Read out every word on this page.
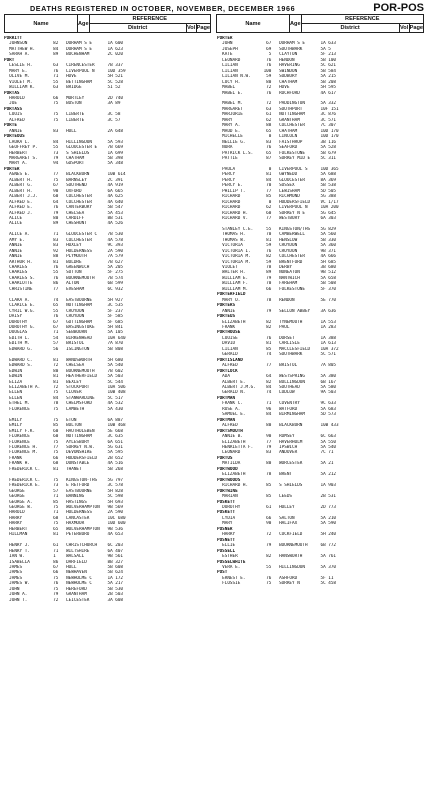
DEATHS REGISTERED IN OCTOBER, NOVEMBER, DECEMBER 1966	POR-POS
Name	Age	REFERENCE		
		District	Vol	Page
Name	Age	REFERENCE		
		District	Vol	Page
PORRITT
JOHNSON          82   DURHAM S E      1A 600
MATTHEW H.       84   DURHAM S E      1A 623
SARAH A.         89   BUCHENHAM       2C 020
PORT
LESLIE H.        63   CIRENCESTER     7B 337
MARY E.          76   LIVERPOOL N     10D 359
OLIVE M.         71   HOVE            5H 521
VIOLET M.        55   BETTINGHAM      5C 528
WILLIAM K.       63   BRIDGE          5I 52
PORTAS
HAROLD           66   MORTLEY         2D 740
JOE              75   BOSTON          3A 89
PORTASS
LOUIS            75   LIBERTE         3C 58
ALFRED           75   LIBERTE         3C 57
PORTE
ANNIE            83   HULL            2A 648
PORTEOUS
LAURA L.         84   HILLINGDON      5A 593
GEOFFREY P.      55   GLOUCESTER E    7B 669
HERBERT          73   S SHIELDS       1A 699
MARGARET S.      79   CHATHAM         5B 398
MARY A.          94   GOSPORT         5A 348
PORTER
AGNES E.         77   BLACKBURN       10B 614
ALBERT H.        75   BARNSLEY        2C 391
ALBERT G.        67   SOUTHEND        4A 919
ALBERT H.        90   OXFORD          6A 665
ALBERT J.J.      60   COLCHESTER      4A 625
ALFRED E.        64   COLCHESTER      4A 640
ALFRED E.        76   CANTERBURY      5B 547
ALFRED J.        79   CHELSEA         5A 453
ALICE            80   CARDIFF         8B 531
ALICE            89   CHESHUNT        4A 526
ALICE A.         71   GLOUCESTER C    7B 530
AMY E.           83   COLCHESTER      4A 578
ANNIE            83   HOXLEY          9C 393
ANNIE            92   HOLDERNESS      2A 590
ANNIE            88   PLYMOUTH        7A 579
ARTHUR H.        81   BOLDRE          7B 627
CHARLES          76   GREENWICH       5A 205
CHARLES          55   SUTTON          5F 275
CHARLES S.       76   BOURNEMOUTH     7B 574
CHARLOTTE        86   ALTON           6B 599
CHRISTINE        77   EVESHAM         6C 932
CLARA A.         74   EASTBOURNE      5H 927
CLARICE E.       65   NOTTINGHAM      3C 535
CYRIL W.G.       55   CROYDON         5F 237
DAISY            76   CROYDON         5F 585
DOROTHY          67   GOTTINGHAM      5F 685
DOROTHY G.       67   BASINGSTOKE     5H 841
DOUGLAS          71   SEBBOURN        5A 105
EDITH L.         54   BIRKENHEAD      10A 640
EDITH M.         57   BRISTOL         7A 870
EDWARD G.        56   ISLINGTON       5B 808
EDWARD C.        81   WANDSWORTH      5H 680
EDWARD S.        72   CHELSEA         5A 540
EDWIN            80   BOURNEMOUTH     7B 602
EDWIN            81   HEATHERFIELD    5A 503
ELIZA            81   BEXLEY          5C 544
ELIZABETH A.     72   STOCKPORT       10A 506
ELLEN            75   CLOVER          10B 408
ELLEN            84   STANWARDINE     5C 517
ETHEL M.         78   CHELMSFORD      4A 532
FLORENCE         75   LAMBETH         5A 430
EMILY            75   ETON            6A 887
EMILY            85   BOLTON          10B 468
EMILY F.K.       60   HAUTHOLEBEN     5E 668
FLORENCE         60   NOTTINGHAM      3C 635
FLORENCE         75   AYLESBURY       6A 651
FLORENCE H.      77   SURREY N.W.     5G 631
FLORENCE M.      75   DEVONSHIRE      5A 595
FRANK            66   HUDDERSFIELD    2B 652
FRANK H.         68   DUNSTABLE       4A 516
FREDERICK C.     81   THANET          5B 268
FREDERICK C.     75   KINGSTON-THS    5G 797
FREDERICK E.     73   E RETFORD       3C 578
GEORGE           57   EASTBOURNE      5H 828
GEORGE           71   BANNING         5C 598
GEORGE A.        85   HASTINGS        5H 693
GEORGE W.        75   WOLVERHAMPTON   9B 569
HAROLD           71   HOLDERNESS      2A 590
HARRY            68   LANCASTER       10C 680
HARRY            75   HAXMOOR         10D 600
HERBERT          65   WOLVERHAMPTON   9B 536
HILLMAN          81   PETERBORO       4A 653
HENRY J.         61   CHRISTCHURCH    6C 203
HENRY T.         71   WILTSHIRE       6A 407
IAN W.           1    WALSALL         9B 561
ISABELLA         86   DARFIELD        8B 327
JAMES            67   HULL            5B 608
JAMES            66   NEWHAVEN        5B 624
JAMES            75   NEWHOLME C      1A 172
JAMES W.         76   NEWHOLME C      5A 217
JOHN             75   HEREFORD        5B 530
JOHN A.          79   GRANTHAM        2B 503
JOHN T.          72   LEICESTER       3A 608
PORTER
JOHN             67   DURHAM S E      1A 633
JOSEPH           69   SOUTHWARK       5A 5
KATE              5   CLAYTON         5F 213
LEONARD          76   HENDON          5B 100
LILIAN           76   HAVERING        5C 621
LILIAN          100   SWINDON         5B 584
LILIAN N.W.      59   SUDBURY         5A 215
LUCY H.          80   CHATHAM         5B 208
MABEL            72   HOVE            5H 595
MABEL E.         76   ROCHFORD        4A 617
MABEL M.         72   PADDINGTON      5A 332
MARGARET         63   SOUTHPORT       10F 151
MARJORIE         61   NOTTINGHAM      3C 876
MARY             62   GRANTHAM        3C 571
MARY A.          88   COLCHESTER      7C 307
MAUD E.          65   CHATHAM         10D 170
MICHELLE          0   LINCOLN         10D 170
NELLIE G.        83   FAISTHROP       3B 116
NORA             76   SEAFORD         5A 528
PATRICK L.S.     65   FOLKESTONE      5B 679
PATTIE           87   SURREY MID E    5C 311
PAULA             0   LIVERPOOL S     10D 365
PERCY            81   GWYNEDD         5A 688
PERCY            84   GLOUCESTER      8A 369
PERCY E.         70   SUSSEX          5B 538
PHILIP T.        77   LEWISHAM        5D 505
RICHARD          85   RICHMOND        5G 388
RICHARD           0   HUDDERSFIELD    VC 1/17
RICHARD          62   LIVERPOOL N     10A 200
RICHARD H.       60   SURREY N E      5G 645
RICHARD V.       77   WESTBURY        6A 303
STANLEY C.E.     55   KINGSTON/THS    5G 829
THOMAS H.        70   CAMBERWELL      5A 560
THOMAS W.        81   HENSLOW         5B 330
VICTORIA         59   CROYDON         5A 360
VICTORIA I.      76   CROYDON         9B 371
VICTORIA M.      82   COLCHESTER      4A 666
VICTORIA M.      59   BRENTFORD       5H 685
VIOLET           78   DERBY           3B 680
WALTER H.        89   NUNEATON        9B 512
WILLIAM E.       79   NANTWICH        5A 658
WILLIAM F.       70   FAREHAM         5B 508
WILLIAM M.       66   FOLKESTONE      5F 370
PORTERFIELD
MARY O.          78   RENDON          5E 770
PORTERS
ANNIE            79   SELLON ABBEY    3A 636
PORTEUS
ELIZABETH        82   TYNEMOUTH       1A 553
FRANK            82   PAUL            1A 283
PORTHOUSE
LOUISE           76   DORSET          1A 388
DAVID            81   CARLISLE        1A 613
LILIAN           85   MACCLESFIELD    10A 372
GERALD           74   SOUTHWARK       5C 571
PORTISLAND
ALFRED           77   BRISTOL         7A 805
PORTLOCK
ADA              64   WESTSPRING      5A 380
ALBERT E.        82   BULLINGDON      6B 167
ALBERT J.M.G.    84   SOUTHEAD        5A 580
GERALD N.        74   LUDLOW          9A 503
PORTMAN
FRANK C.         71   COVENTRY        9C 633
ROSE A.          96   WATFORD         5A 683
SAMUEL E.        84   BIRMINGHAM      5D 573
PORTMAN
ALFRED           80   BLACKBURN       10B 433
PORTSMOUTH
ANNIE B.         90   ROMSEY          6C 663
ELIZABETH        77   HAVERHOLM       5A 550
HENRIETTA F.     79   IPSWICH         5A 540
LEONARD          83   ANDOVER         7C 71
PORTUS
MATILDA          80   WORCESTER       5A 21
PORTWOOD
ELIZABETH        78   BRENT           5A 212
PORTWOODS
RICHARD H.       85   S SHIELDS       1A 903
PORTWINE
MARIAN           85   LEEDS           2B 531
POSKETT
DOROTHY          61   HOLLEY          2D 773
POSKETT
LYDIA            66   SALTON          5A 210
MARY             90   HALIFAX         5A 590
POSNER
HARRY            72   CUCKFIELD       5H 240
POSNETT
ELLIE            79   BOURNEMOUTH     6B 772
POSSELL
ESTHER           82   HANSWORTH       5A 761
POSSELWHITE
VERA E.          55   HILLINGDON      5A 370
POST
ERNEST E.        76   ASHFORD         5F 11
FLOSSIE          75   SURREY N        5C 458
